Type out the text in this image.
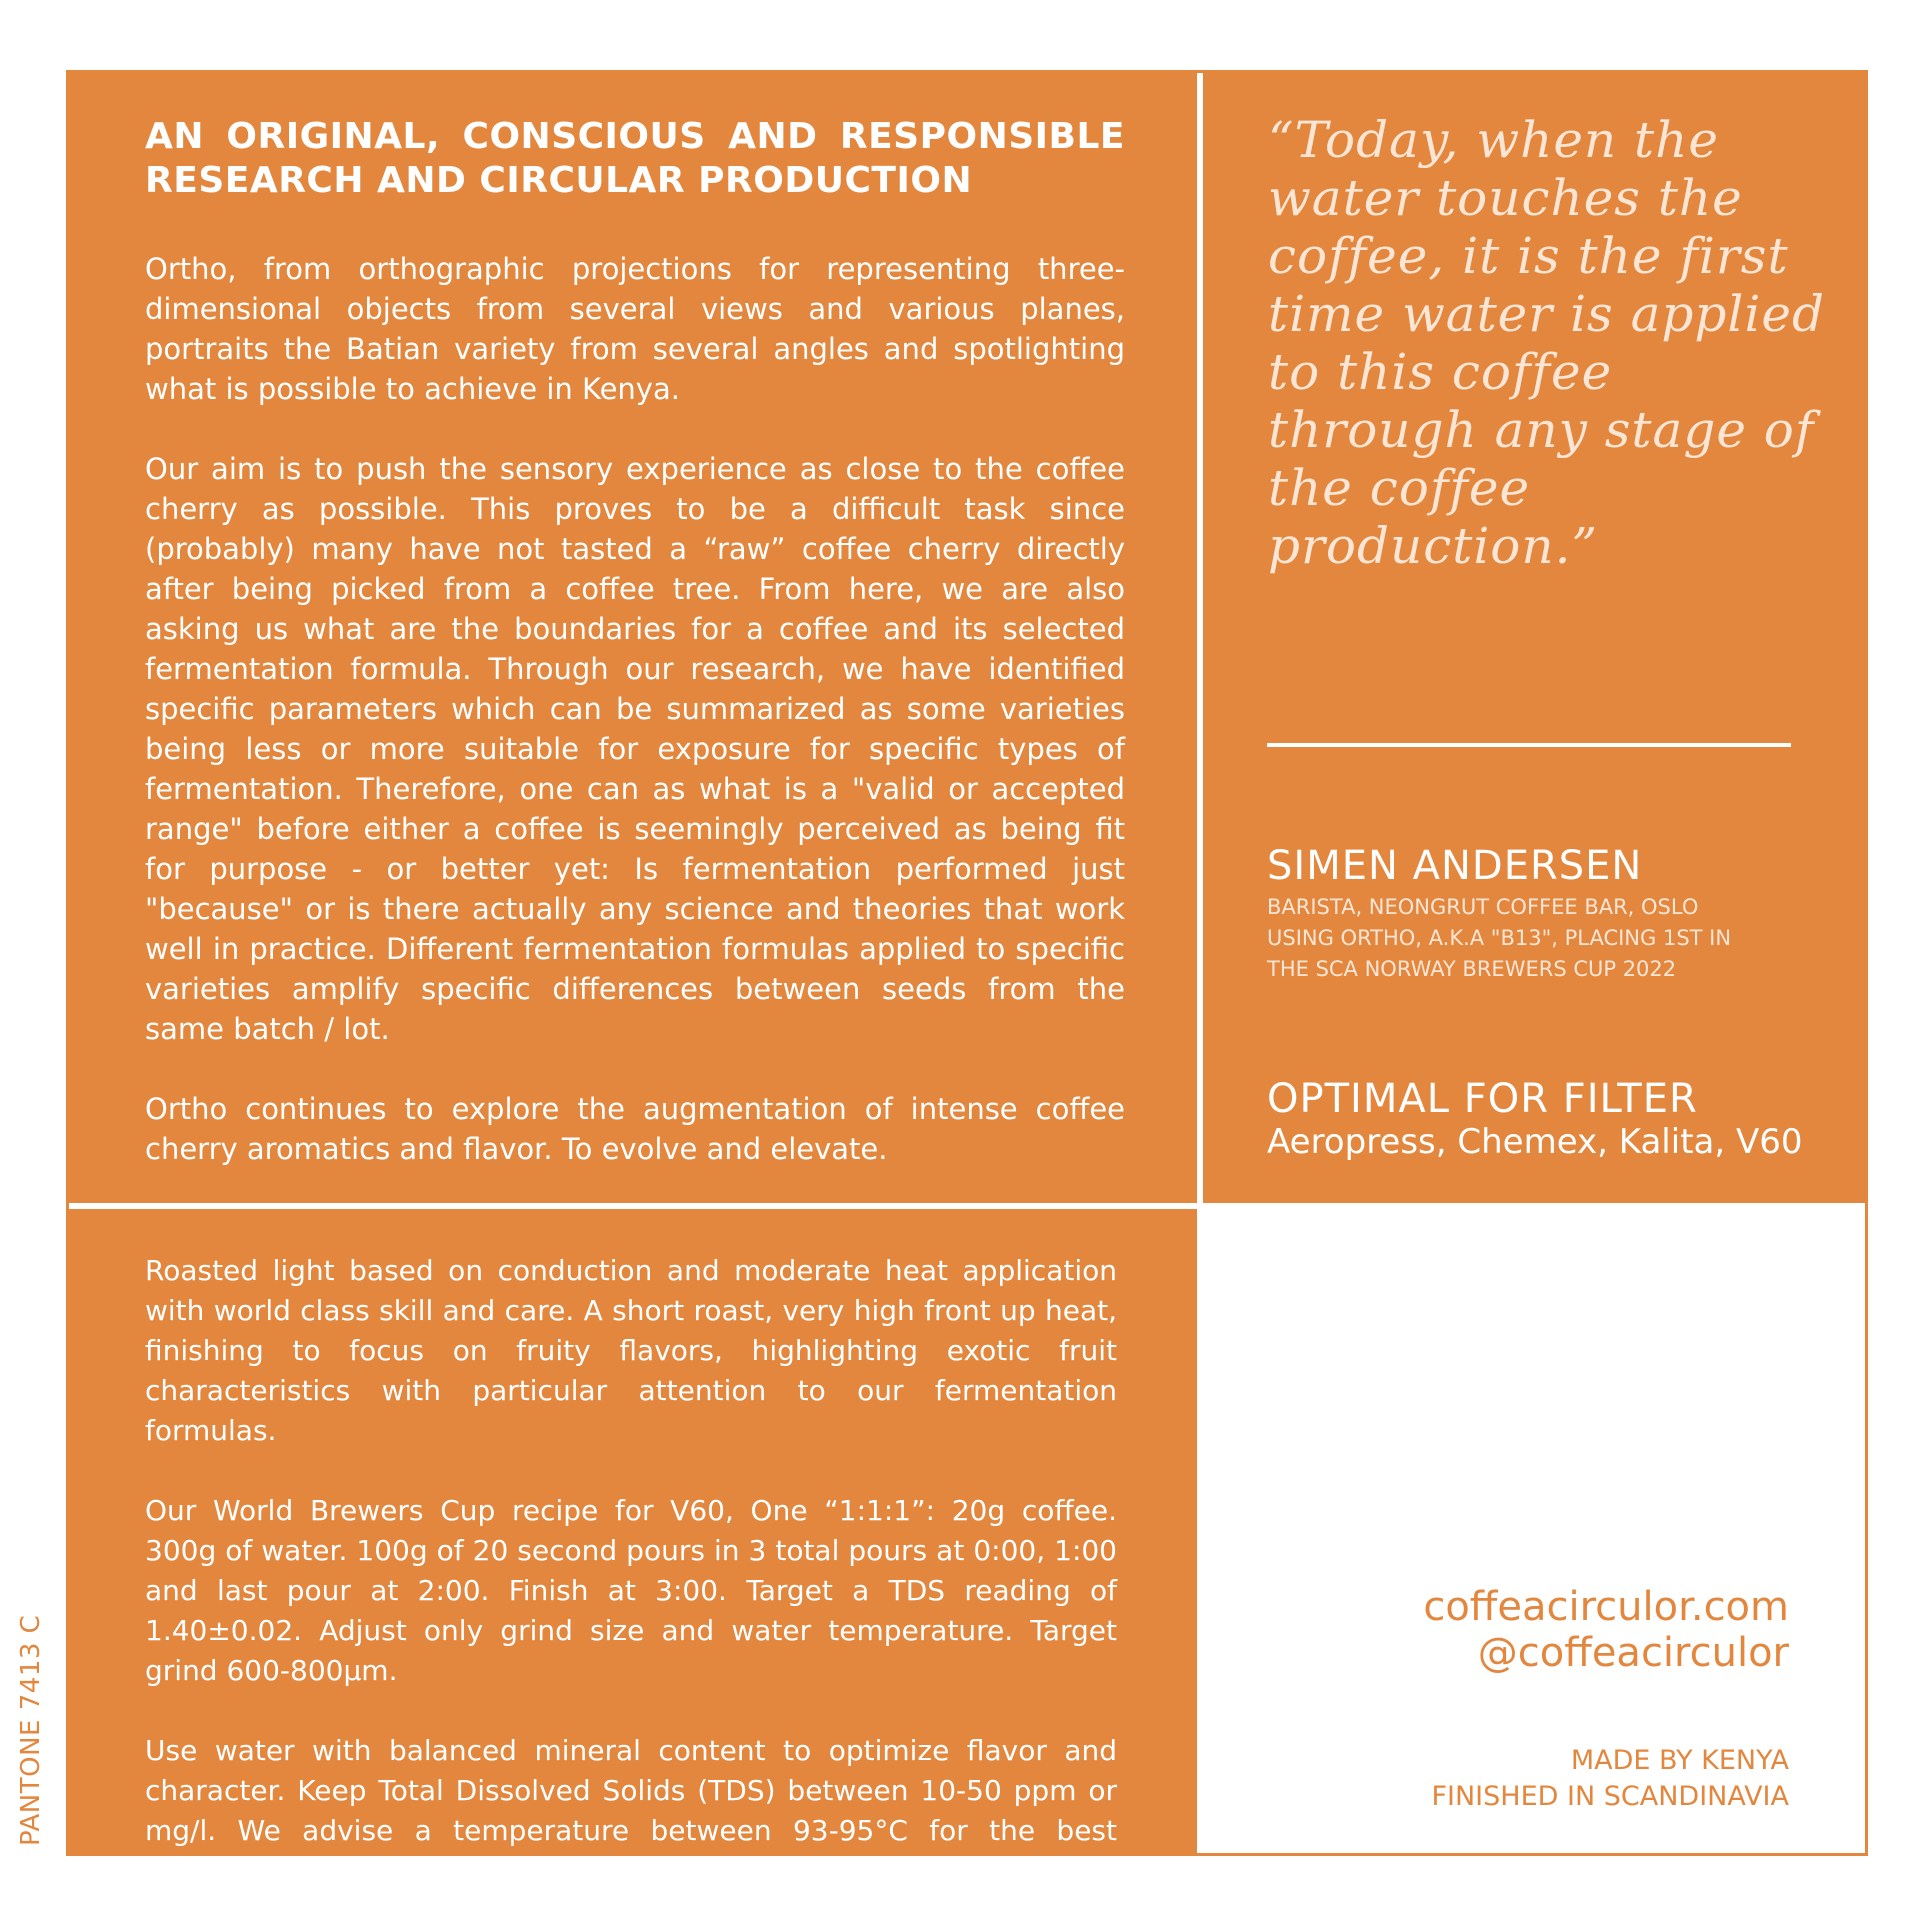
AN ORIGINAL, CONSCIOUS AND RESPONSIBLE RESEARCH AND CIRCULAR PRODUCTION

Ortho, from orthographic projections for representing three-dimensional objects from several views and various planes, portraits the Batian variety from several angles and spotlighting what is possible to achieve in Kenya.

Our aim is to push the sensory experience as close to the coffee cherry as possible. This proves to be a difficult task since (probably) many have not tasted a “raw” coffee cherry directly after being picked from a coffee tree. From here, we are also asking us what are the boundaries for a coffee and its selected fermentation formula. Through our research, we have identified specific parameters which can be summarized as some varieties being less or more suitable for exposure for specific types of fermentation. Therefore, one can as what is a "valid or accepted range" before either a coffee is seemingly perceived as being fit for purpose - or better yet: Is fermentation performed just "because" or is there actually any science and theories that work well in practice. Different fermentation formulas applied to specific varieties amplify specific differences between seeds from the same batch / lot.

Ortho continues to explore the augmentation of intense coffee cherry aromatics and flavor. To evolve and elevate.

“Today, when the water touches the coffee, it is the first time water is applied to this coffee through any stage of the coffee production.”
SIMEN ANDERSEN
BARISTA, NEONGRUT COFFEE BAR, OSLO
USING ORTHO, A.K.A "B13", PLACING 1ST IN
THE SCA NORWAY BREWERS CUP 2022
OPTIMAL FOR FILTER
Aeropress, Chemex, Kalita, V60

Roasted light based on conduction and moderate heat application with world class skill and care. A short roast, very high front up heat, finishing to focus on fruity flavors, highlighting exotic fruit characteristics with particular attention to our fermentation formulas.

Our World Brewers Cup recipe for V60, One “1:1:1”: 20g coffee. 300g of water. 100g of 20 second pours in 3 total pours at 0:00, 1:00 and last pour at 2:00. Finish at 3:00. Target a TDS reading of 1.40±0.02. Adjust only grind size and water temperature. Target grind 600-800µm.

Use water with balanced mineral content to optimize flavor and character. Keep Total Dissolved Solids (TDS) between 10-50 ppm or mg/l. We advise a temperature between 93-95°C for the best brewing experience.

coffeacirculor.com
@coffeacirculor
MADE BY KENYA
FINISHED IN SCANDINAVIA
PANTONE 7413 C
